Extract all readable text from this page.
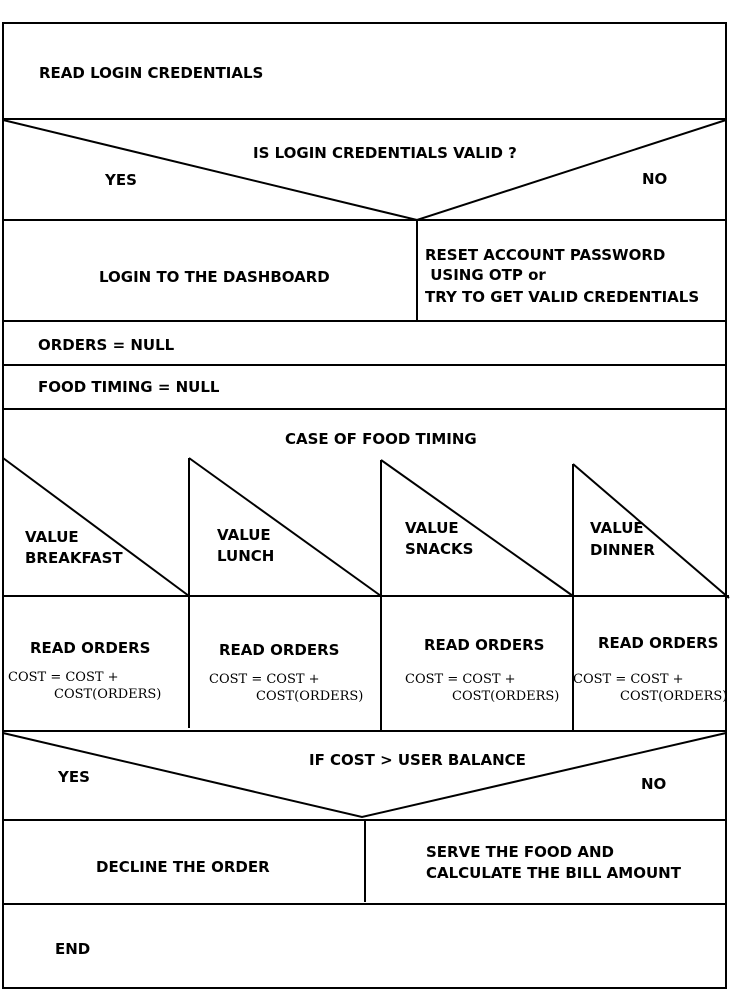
NASSI SCHNEIDERMAN DIAGRAM
READ LOGIN CREDENTIALS
IS LOGIN CREDENTIALS VALID ?
YES	NO
LOGIN TO THE DASHBOARD
RESET ACCOUNT PASSWORD
USING OTP or
TRY TO GET VALID CREDENTIALS
ORDERS = NULL
FOOD TIMING = NULL
CASE OF FOOD TIMING
VALUE
BREAKFAST
VALUE
LUNCH
VALUE
SNACKS
VALUE
DINNER
READ ORDERS
COST = COST +
COST(ORDERS)
READ ORDERS
COST = COST +
COST(ORDERS)
READ ORDERS
COST = COST +
COST(ORDERS)
READ ORDERS
COST = COST +
COST(ORDERS)
IF COST > USER BALANCE
YES	NO
DECLINE THE ORDER
SERVE THE FOOD AND
CALCULATE THE BILL AMOUNT
END
